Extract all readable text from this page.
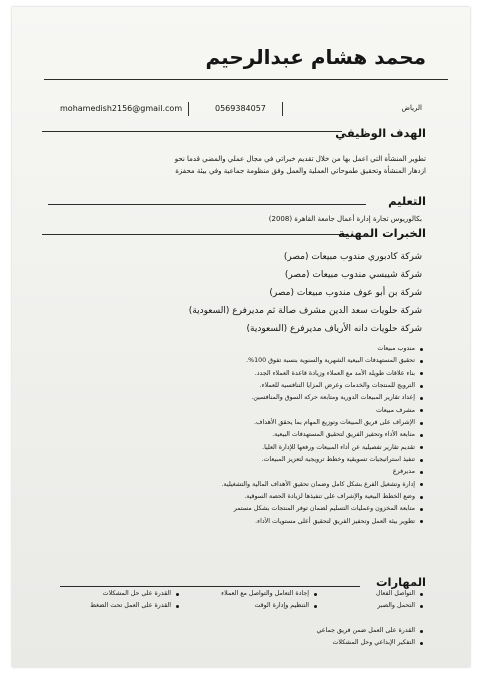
محمد هشام عبدالرحيم
mohamedish2156@gmail.com	0569384057	الرياض
الهدف الوظيفي
تطوير المنشأة التي اعمل بها من خلال تقديم خبراتي في مجال عملي والمضي قدما نحو ازدهار المنشأة وتحقيق طموحاتي العملية والعمل وفق منظومة جماعية وفي بيئة محفزة
التعليم
بكالوريوس تجارة إدارة أعمال جامعة القاهرة (2008)
الخبرات المهنية
شركة كادبوري مندوب مبيعات (مصر)
شركة شيبسي مندوب مبيعات (مصر)
شركة بن أبو عوف مندوب مبيعات (مصر)
شركة حلويات سعد الدين مشرف صالة ثم مديرفرع (السعودية)
شركة حلويات دانه الأرياف مديرفرع (السعودية)
مندوب مبيعات
تحقيق المستهدفات البيعية الشهرية والسنوية بنسبة تفوق 100%.
بناء علاقات طويلة الأمد مع العملاء وزيادة قاعدة العملاء الجدد.
الترويج للمنتجات والخدمات وعرض المزايا التنافسية للعملاء.
إعداد تقارير المبيعات الدورية ومتابعة حركة السوق والمنافسين.
مشرف مبيعات
الإشراف على فريق المبيعات وتوزيع المهام بما يحقق الأهداف.
متابعة الأداء وتحفيز الفريق لتحقيق المستهدفات البيعية.
تقديم تقارير تفصيلية عن أداء المبيعات ورفعها للإدارة العليا.
تنفيذ استراتيجيات تسويقية وخطط ترويجية لتعزيز المبيعات.
مديرفرع
إدارة وتشغيل الفرع بشكل كامل وضمان تحقيق الأهداف المالية والتشغيلية.
وضع الخطط البيعية والإشراف على تنفيذها لزيادة الحصة السوقية.
متابعة المخزون وعمليات التسليم لضمان توفر المنتجات بشكل مستمر
تطوير بيئة العمل وتحفيز الفريق لتحقيق أعلى مستويات الأداء.
المهارات
التواصل الفعال
التحمل والصبر
إجادة التعامل والتواصل مع العملاء
التنظيم وإدارة الوقت
القدرة على حل المشكلات
القدرة على العمل تحت الضغط
القدرة على العمل ضمن فريق جماعي
التفكير الإبداعي وحل المشكلات
